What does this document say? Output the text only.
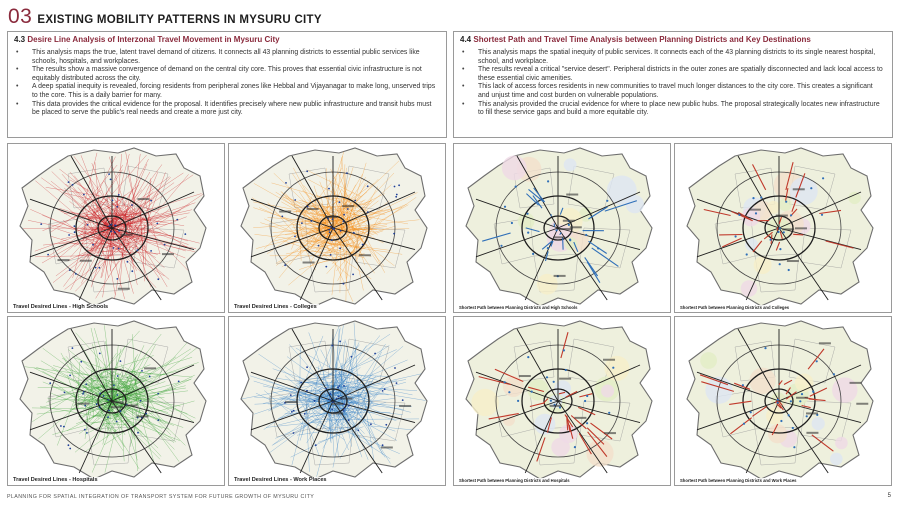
03 EXISTING MOBILITY PATTERNS IN MYSURU CITY
4.3 Desire Line Analysis of Interzonal Travel Movement in Mysuru City
• This analysis maps the true, latent travel demand of citizens. It connects all 43 planning districts to essential public services like schools, hospitals, and workplaces.
• The results show a massive convergence of demand on the central city core. This proves that essential civic infrastructure is not equitably distributed across the city.
• A deep spatial inequity is revealed, forcing residents from peripheral zones like Hebbal and Vijayanagar to make long, unserved trips to the core. This is a daily barrier for many.
• This data provides the critical evidence for the proposal. It identifies precisely where new public infrastructure and transit hubs must be placed to serve the public's real needs and create a more just city.
4.4 Shortest Path and Travel Time Analysis between Planning Districts and Key Destinations
• This analysis maps the spatial inequity of public services. It connects each of the 43 planning districts to its single nearest hospital, school, and workplace.
• The results reveal a critical "service desert". Peripheral districts in the outer zones are spatially disconnected and lack local access to these essential civic amenities.
• This lack of access forces residents in new communities to travel much longer distances to the city core. This creates a significant and unjust time and cost burden on vulnerable populations.
• This analysis provided the crucial evidence for where to place new public hubs. The proposal strategically locates new infrastructure to fill these service gaps and build a more equitable city.
Travel Desired Lines - High Schools	Travel Desired Lines - Colleges	Shortest Path between Planning Districts and High Schools	Shortest Path between Planning Districts and Colleges
Travel Desired Lines - Hospitals	Travel Desired Lines - Work Places	Shortest Path between Planning Districts and Hospitals	Shortest Path between Planning Districts and Work Places
PLANNING FOR SPATIAL INTEGRATION OF TRANSPORT SYSTEM FOR FUTURE GROWTH OF MYSURU CITY	5
